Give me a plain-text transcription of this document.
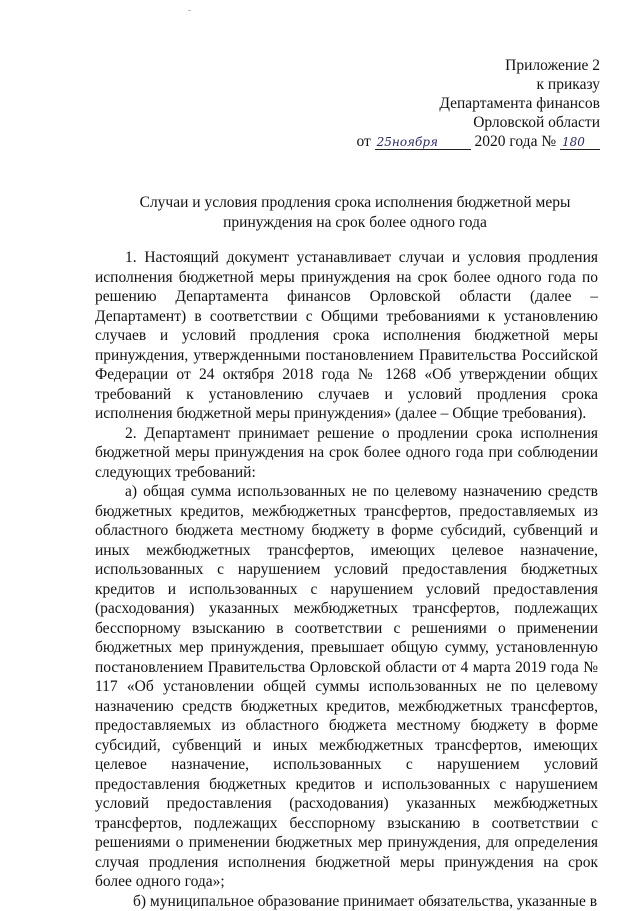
Приложение 2
к приказу
Департамента финансов
Орловской области
от 25ноября 2020 года № 180
Случаи и условия продления срока исполнения бюджетной меры
принуждения на срок более одного года

1. Настоящий документ устанавливает случаи и условия продления исполнения бюджетной меры принуждения на срок более одного года по решению Департамента финансов Орловской области (далее – Департамент) в соответствии с Общими требованиями к установлению случаев и условий продления срока исполнения бюджетной меры принуждения, утвержденными постановлением Правительства Российской Федерации от 24 октября 2018 года № 1268 «Об утверждении общих требований к установлению случаев и условий продления срока исполнения бюджетной меры принуждения» (далее – Общие требования).

2. Департамент принимает решение о продлении срока исполнения бюджетной меры принуждения на срок более одного года при соблюдении следующих требований:

а) общая сумма использованных не по целевому назначению средств бюджетных кредитов, межбюджетных трансфертов, предоставляемых из областного бюджета местному бюджету в форме субсидий, субвенций и иных межбюджетных трансфертов, имеющих целевое назначение, использованных с нарушением условий предоставления бюджетных кредитов и использованных с нарушением условий предоставления (расходования) указанных межбюджетных трансфертов, подлежащих бесспорному взысканию в соответствии с решениями о применении бюджетных мер принуждения, превышает общую сумму, установленную постановлением Правительства Орловской области от 4 марта 2019 года № 117 «Об установлении общей суммы использованных не по целевому назначению средств бюджетных кредитов, межбюджетных трансфертов, предоставляемых из областного бюджета местному бюджету в форме субсидий, субвенций и иных межбюджетных трансфертов, имеющих целевое назначение, использованных с нарушением условий предоставления бюджетных кредитов и использованных с нарушением условий предоставления (расходования) указанных межбюджетных трансфертов, подлежащих бесспорному взысканию в соответствии с решениями о применении бюджетных мер принуждения, для определения случая продления исполнения бюджетной меры принуждения на срок более одного года»;

б) муниципальное образование принимает обязательства, указанные в
